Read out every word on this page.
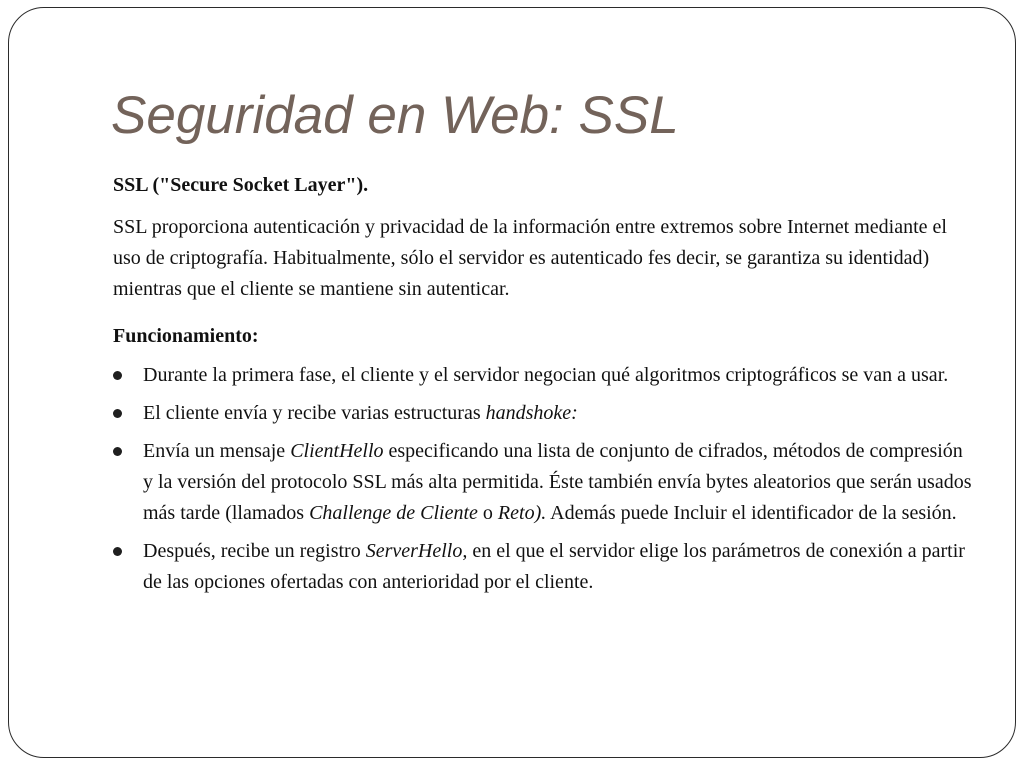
Seguridad en Web: SSL

SSL ("Secure Socket Layer").

SSL proporciona autenticación y privacidad de la información entre extremos sobre Internet mediante el uso de criptografía. Habitualmente, sólo el servidor es autenticado fes decir, se garantiza su identidad) mientras que el cliente se mantiene sin autenticar.

Funcionamiento:

Durante la primera fase, el cliente y el servidor negocian qué algoritmos criptográficos se van a usar.
El cliente envía y recibe varias estructuras handshoke:
Envía un mensaje ClientHello especificando una lista de conjunto de cifrados, métodos de compresión y la versión del protocolo SSL más alta permitida. Éste también envía bytes aleatorios que serán usados más tarde (llamados Challenge de Cliente o Reto). Además puede Incluir el identificador de la sesión.
Después, recibe un registro ServerHello, en el que el servidor elige los parámetros de conexión a partir de las opciones ofertadas con anterioridad por el cliente.
